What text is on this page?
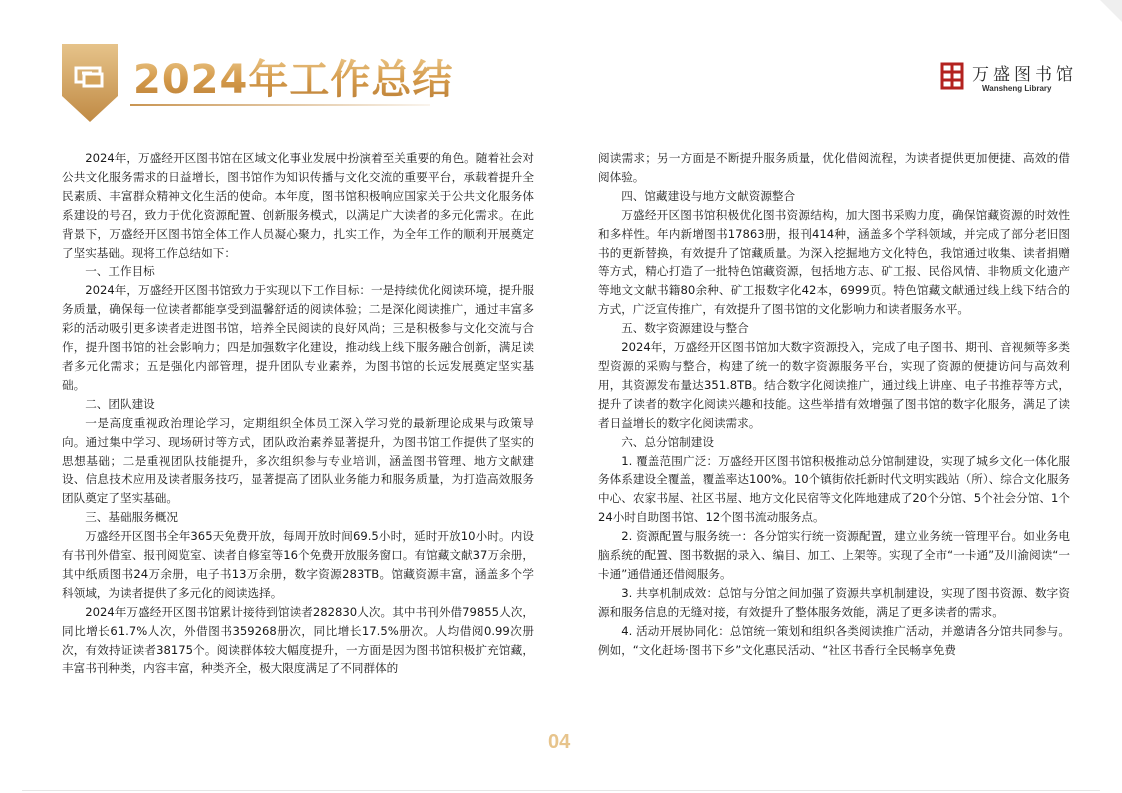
2024年工作总结	万盛图书馆
Wansheng Library

2024年，万盛经开区图书馆在区域文化事业发展中扮演着至关重要的角色。随着社会对公共文化服务需求的日益增长，图书馆作为知识传播与文化交流的重要平台，承载着提升全民素质、丰富群众精神文化生活的使命。本年度，图书馆积极响应国家关于公共文化服务体系建设的号召，致力于优化资源配置、创新服务模式，以满足广大读者的多元化需求。在此背景下，万盛经开区图书馆全体工作人员凝心聚力，扎实工作，为全年工作的顺利开展奠定了坚实基础。现将工作总结如下：

一、工作目标

2024年，万盛经开区图书馆致力于实现以下工作目标：一是持续优化阅读环境，提升服务质量，确保每一位读者都能享受到温馨舒适的阅读体验；二是深化阅读推广，通过丰富多彩的活动吸引更多读者走进图书馆，培养全民阅读的良好风尚；三是积极参与文化交流与合作，提升图书馆的社会影响力；四是加强数字化建设，推动线上线下服务融合创新，满足读者多元化需求；五是强化内部管理，提升团队专业素养，为图书馆的长远发展奠定坚实基础。

二、团队建设

一是高度重视政治理论学习，定期组织全体员工深入学习党的最新理论成果与政策导向。通过集中学习、现场研讨等方式，团队政治素养显著提升，为图书馆工作提供了坚实的思想基础；二是重视团队技能提升，多次组织参与专业培训，涵盖图书管理、地方文献建设、信息技术应用及读者服务技巧，显著提高了团队业务能力和服务质量，为打造高效服务团队奠定了坚实基础。

三、基础服务概况

万盛经开区图书全年365天免费开放，每周开放时间69.5小时，延时开放10小时。内设有书刊外借室、报刊阅览室、读者自修室等16个免费开放服务窗口。有馆藏文献37万余册，其中纸质图书24万余册，电子书13万余册，数字资源283TB。馆藏资源丰富，涵盖多个学科领域，为读者提供了多元化的阅读选择。

2024年万盛经开区图书馆累计接待到馆读者282830人次。其中书刊外借79855人次，同比增长61.7%人次，外借图书359268册次，同比增长17.5%册次。人均借阅0.99次册次，有效持证读者38175个。阅读群体较大幅度提升，一方面是因为图书馆积极扩充馆藏，丰富书刊种类，内容丰富，种类齐全，极大限度满足了不同群体的

阅读需求；另一方面是不断提升服务质量，优化借阅流程，为读者提供更加便捷、高效的借阅体验。

四、馆藏建设与地方文献资源整合

万盛经开区图书馆积极优化图书资源结构，加大图书采购力度，确保馆藏资源的时效性和多样性。年内新增图书17863册，报刊414种，涵盖多个学科领域，并完成了部分老旧图书的更新替换，有效提升了馆藏质量。为深入挖掘地方文化特色，我馆通过收集、读者捐赠等方式，精心打造了一批特色馆藏资源，包括地方志、矿工报、民俗风情、非物质文化遗产等地文文献书籍80余种、矿工报数字化42本，6999页。特色馆藏文献通过线上线下结合的方式，广泛宣传推广，有效提升了图书馆的文化影响力和读者服务水平。

五、数字资源建设与整合

2024年，万盛经开区图书馆加大数字资源投入，完成了电子图书、期刊、音视频等多类型资源的采购与整合，构建了统一的数字资源服务平台，实现了资源的便捷访问与高效利用，其资源发布量达351.8TB。结合数字化阅读推广，通过线上讲座、电子书推荐等方式，提升了读者的数字化阅读兴趣和技能。这些举措有效增强了图书馆的数字化服务，满足了读者日益增长的数字化阅读需求。

六、总分馆制建设

1. 覆盖范围广泛：万盛经开区图书馆积极推动总分馆制建设，实现了城乡文化一体化服务体系建设全覆盖，覆盖率达100%。10个镇街依托新时代文明实践站（所）、综合文化服务中心、农家书屋、社区书屋、地方文化民宿等文化阵地建成了20个分馆、5个社会分馆、1个24小时自助图书馆、12个图书流动服务点。

2. 资源配置与服务统一：各分馆实行统一资源配置，建立业务统一管理平台。如业务电脑系统的配置、图书数据的录入、编目、加工、上架等。实现了全市“一卡通”及川渝阅读“一卡通”通借通还借阅服务。

3. 共享机制成效：总馆与分馆之间加强了资源共享机制建设，实现了图书资源、数字资源和服务信息的无缝对接，有效提升了整体服务效能，满足了更多读者的需求。

4. 活动开展协同化：总馆统一策划和组织各类阅读推广活动，并邀请各分馆共同参与。例如，“文化赶场·图书下乡”文化惠民活动、“社区书香行全民畅享免费

04
